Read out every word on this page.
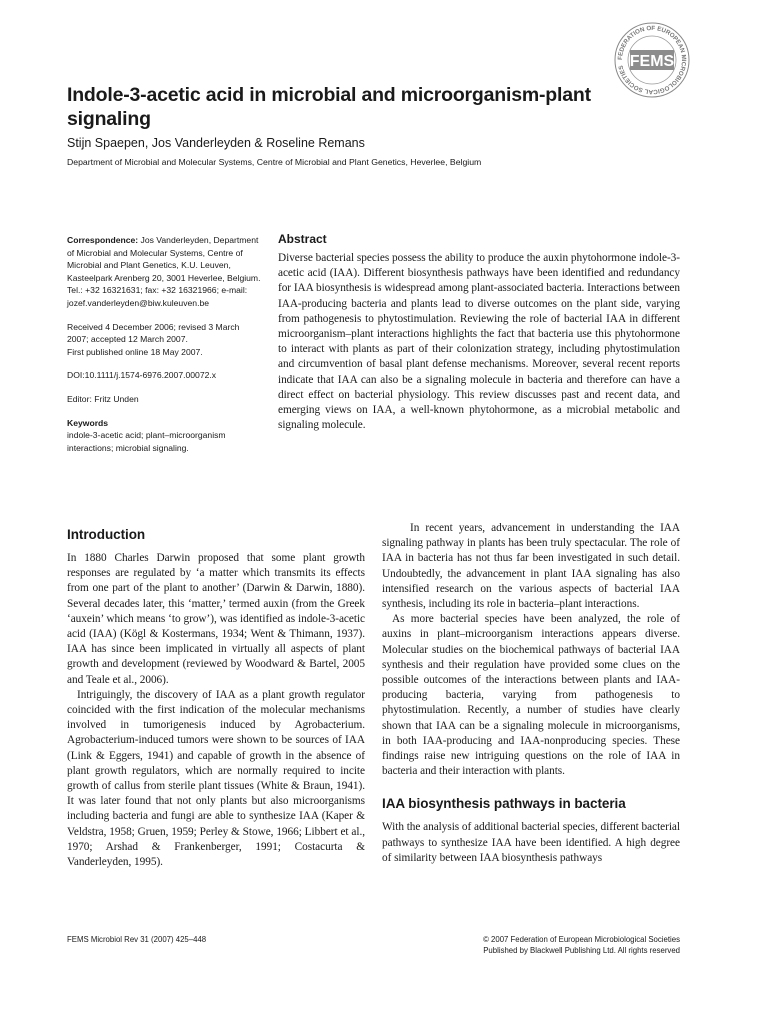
FEDERATION OF EUROPEAN MICROBIOLOGICAL SOCIETIES FEMS
Indole-3-acetic acid in microbial and microorganism-plant signaling
Stijn Spaepen, Jos Vanderleyden & Roseline Remans
Department of Microbial and Molecular Systems, Centre of Microbial and Plant Genetics, Heverlee, Belgium

Correspondence: Jos Vanderleyden, Department of Microbial and Molecular Systems, Centre of Microbial and Plant Genetics, K.U. Leuven, Kasteelpark Arenberg 20, 3001 Heverlee, Belgium. Tel.: +32 16321631; fax: +32 16321966; e-mail: jozef.vanderleyden@biw.kuleuven.be

Received 4 December 2006; revised 3 March 2007; accepted 12 March 2007.

First published online 18 May 2007.

DOI:10.1111/j.1574-6976.2007.00072.x

Editor: Fritz Unden

Keywords

indole-3-acetic acid; plant–microorganism interactions; microbial signaling.

Abstract

Diverse bacterial species possess the ability to produce the auxin phytohormone indole-3-acetic acid (IAA). Different biosynthesis pathways have been identified and redundancy for IAA biosynthesis is widespread among plant-associated bacteria. Interactions between IAA-producing bacteria and plants lead to diverse outcomes on the plant side, varying from pathogenesis to phytostimulation. Reviewing the role of bacterial IAA in different microorganism–plant interactions highlights the fact that bacteria use this phytohormone to interact with plants as part of their colonization strategy, including phytostimulation and circumvention of basal plant defense mechanisms. Moreover, several recent reports indicate that IAA can also be a signaling molecule in bacteria and therefore can have a direct effect on bacterial physiology. This review discusses past and recent data, and emerging views on IAA, a well-known phytohormone, as a microbial metabolic and signaling molecule.

Introduction

In 1880 Charles Darwin proposed that some plant growth responses are regulated by ‘a matter which transmits its effects from one part of the plant to another’ (Darwin & Darwin, 1880). Several decades later, this ‘matter,’ termed auxin (from the Greek ‘auxein’ which means ‘to grow’), was identified as indole-3-acetic acid (IAA) (Kögl & Kostermans, 1934; Went & Thimann, 1937). IAA has since been implicated in virtually all aspects of plant growth and development (reviewed by Woodward & Bartel, 2005 and Teale et al., 2006).

Intriguingly, the discovery of IAA as a plant growth regulator coincided with the first indication of the molecular mechanisms involved in tumorigenesis induced by Agrobacterium. Agrobacterium-induced tumors were shown to be sources of IAA (Link & Eggers, 1941) and capable of growth in the absence of plant growth regulators, which are normally required to incite growth of callus from sterile plant tissues (White & Braun, 1941). It was later found that not only plants but also microorganisms including bacteria and fungi are able to synthesize IAA (Kaper & Veldstra, 1958; Gruen, 1959; Perley & Stowe, 1966; Libbert et al., 1970; Arshad & Frankenberger, 1991; Costacurta & Vanderleyden, 1995).

In recent years, advancement in understanding the IAA signaling pathway in plants has been truly spectacular. The role of IAA in bacteria has not thus far been investigated in such detail. Undoubtedly, the advancement in plant IAA signaling has also intensified research on the various aspects of bacterial IAA synthesis, including its role in bacteria–plant interactions.

As more bacterial species have been analyzed, the role of auxins in plant–microorganism interactions appears diverse. Molecular studies on the biochemical pathways of bacterial IAA synthesis and their regulation have provided some clues on the possible outcomes of the interactions between plants and IAA-producing bacteria, varying from pathogenesis to phytostimulation. Recently, a number of studies have clearly shown that IAA can be a signaling molecule in microorganisms, in both IAA-producing and IAA-nonproducing species. These findings raise new intriguing questions on the role of IAA in bacteria and their interaction with plants.

IAA biosynthesis pathways in bacteria

With the analysis of additional bacterial species, different bacterial pathways to synthesize IAA have been identified. A high degree of similarity between IAA biosynthesis pathways

FEMS Microbiol Rev 31 (2007) 425–448	© 2007 Federation of European Microbiological Societies
Published by Blackwell Publishing Ltd. All rights reserved
